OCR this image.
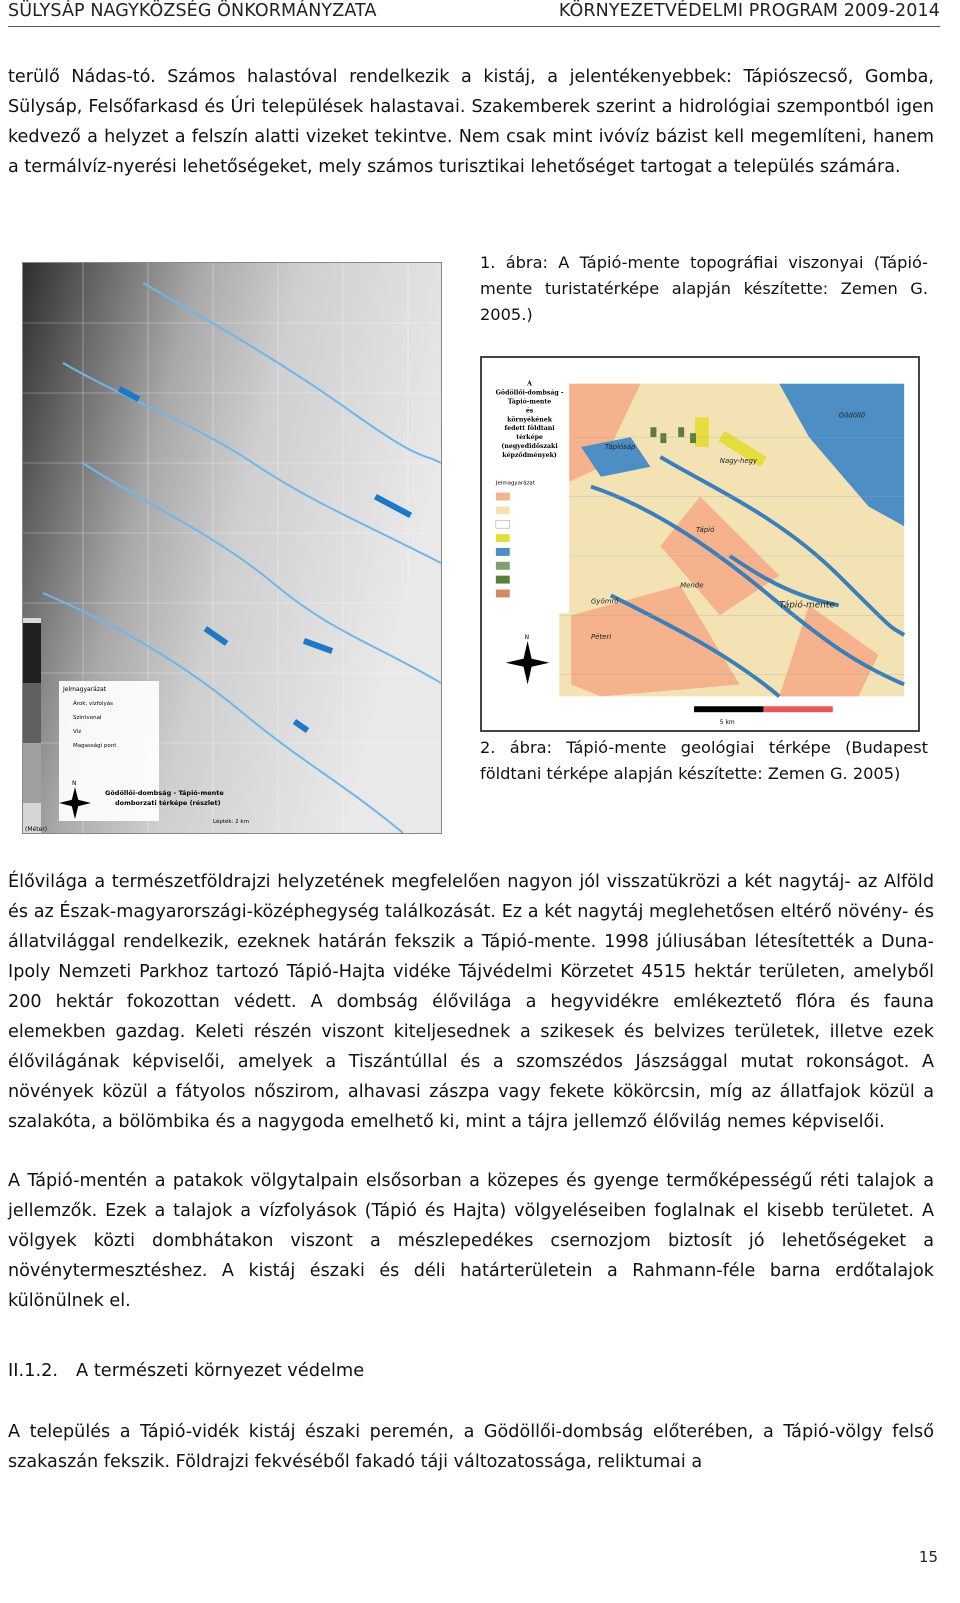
SÜLYSÁP NAGYKÖZSÉG ÖNKORMÁNYZATA	KÖRNYEZETVÉDELMI PROGRAM 2009-2014
terülő Nádas-tó. Számos halastóval rendelkezik a kistáj, a jelentékenyebbek: Tápiószecső, Gomba, Sülysáp, Felsőfarkasd és Úri települések halastavai. Szakemberek szerint a hidrológiai szempontból igen kedvező a helyzet a felszín alatti vizeket tekintve. Nem csak mint ivóvíz bázist kell megemlíteni, hanem a termálvíz-nyerési lehetőségeket, mely számos turisztikai lehetőséget tartogat a település számára.
(Méter)
Jelmagyarázat
Árok, vízfolyás
Szintvonal
Víz
Magassági pont
N
Gödöllői-dombság - Tápió-mente
domborzati térképe (részlet)
Lépték: 2 km
1. ábra: A Tápió-mente topográfiai viszonyai (Tápió-mente turistatérképe alapján készítette: Zemen G. 2005.)
A
Gödöllői-dombság -
Tápió-mente
és
környékének
fedett földtani
térképe
(negyedidőszaki
képződmények)
Jelmagyarázat
N
5 km
Tápiósáp
Tápió
Nagy-hegy
Gyömrő
Péteri
Mende
Tápió-mente
Gödöllő
2. ábra: Tápió-mente geológiai térképe (Budapest földtani térképe alapján készítette: Zemen G. 2005)
Élővilága a természetföldrajzi helyzetének megfelelően nagyon jól visszatükrözi a két nagytáj- az Alföld és az Észak-magyarországi-középhegység találkozását. Ez a két nagytáj meglehetősen eltérő növény- és állatvilággal rendelkezik, ezeknek határán fekszik a Tápió-mente. 1998 júliusában létesítették a Duna-Ipoly Nemzeti Parkhoz tartozó Tápió-Hajta vidéke Tájvédelmi Körzetet 4515 hektár területen, amelyből 200 hektár fokozottan védett. A dombság élővilága a hegyvidékre emlékeztető flóra és fauna elemekben gazdag. Keleti részén viszont kiteljesednek a szikesek és belvizes területek, illetve ezek élővilágának képviselői, amelyek a Tiszántúllal és a szomszédos Jászsággal mutat rokonságot. A növények közül a fátyolos nőszirom, alhavasi zászpa vagy fekete kökörcsin, míg az állatfajok közül a szalakóta, a bölömbika és a nagygoda emelhető ki, mint a tájra jellemző élővilág nemes képviselői.
A Tápió-mentén a patakok völgytalpain elsősorban a közepes és gyenge termőképességű réti talajok a jellemzők. Ezek a talajok a vízfolyások (Tápió és Hajta) völgyeléseiben foglalnak el kisebb területet. A völgyek közti dombhátakon viszont a mészlepedékes csernozjom biztosít jó lehetőségeket a növénytermesztéshez. A kistáj északi és déli határterületein a Rahmann-féle barna erdőtalajok különülnek el.
II.1.2. A természeti környezet védelme
A település a Tápió-vidék kistáj északi peremén, a Gödöllői-dombság előterében, a Tápió-völgy felső szakaszán fekszik. Földrajzi fekvéséből fakadó táji változatossága, reliktumai a
15
